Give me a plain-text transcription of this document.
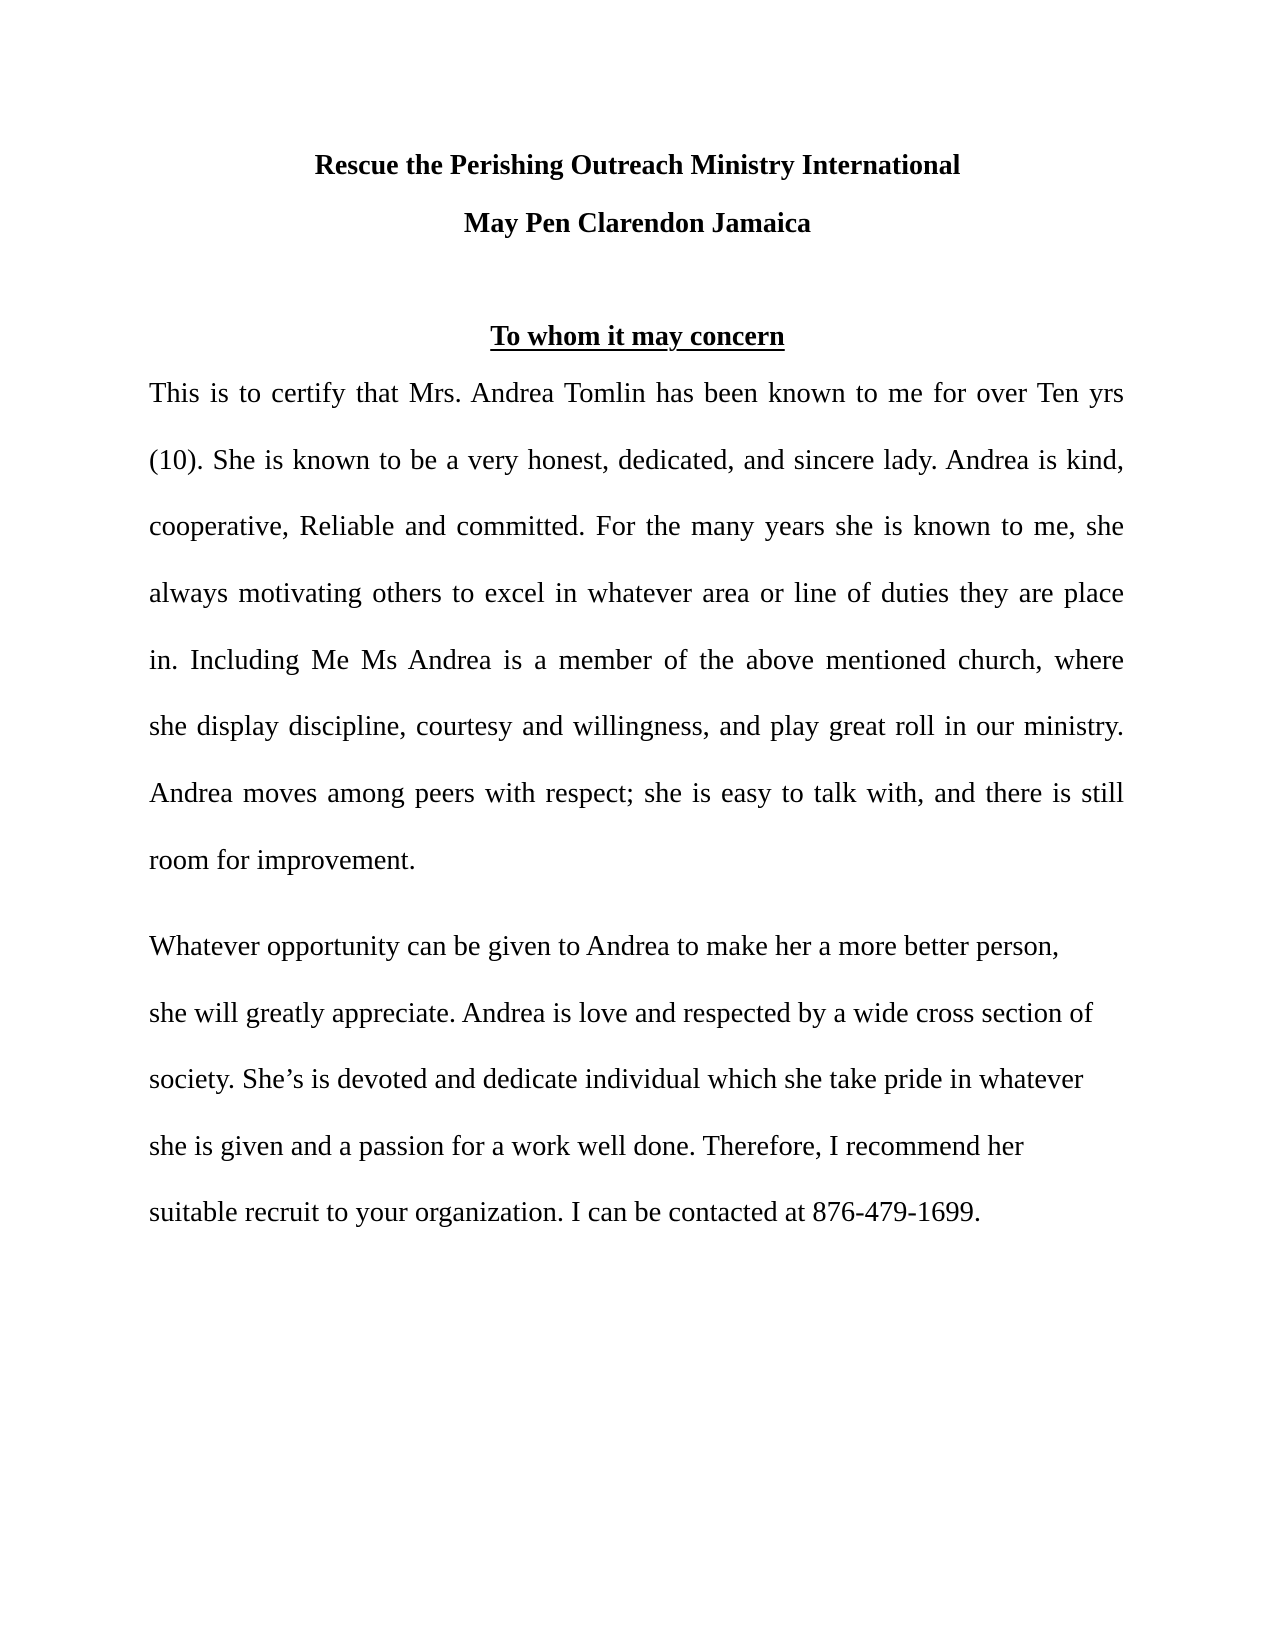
Rescue the Perishing Outreach Ministry International
May Pen Clarendon Jamaica
To whom it may concern

This is to certify that Mrs. Andrea Tomlin has been known to me for over Ten yrs
(10). She is known to be a very honest, dedicated, and sincere lady. Andrea is kind,
cooperative, Reliable and committed. For the many years she is known to me, she
always motivating others to excel in whatever area or line of duties they are place
in. Including Me Ms Andrea is a member of the above mentioned church, where
she display discipline, courtesy and willingness, and play great roll in our ministry.
Andrea moves among peers with respect; she is easy to talk with, and there is still
room for improvement.

Whatever opportunity can be given to Andrea to make her a more better person,
she will greatly appreciate. Andrea is love and respected by a wide cross section of
society. She’s is devoted and dedicate individual which she take pride in whatever
she is given and a passion for a work well done. Therefore, I recommend her
suitable recruit to your organization. I can be contacted at 876-479-1699.
